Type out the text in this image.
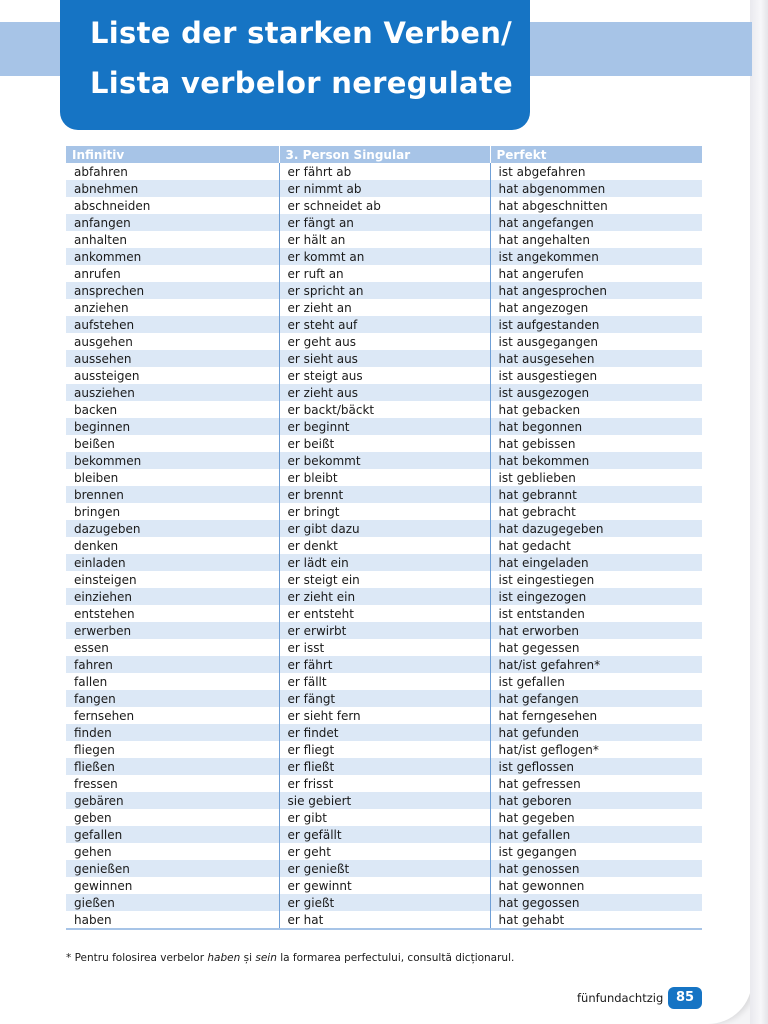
Liste der starken Verben/
Lista verbelor neregulate
Infinitiv	3. Person Singular	Perfekt
abfahren	er fährt ab	ist abgefahren
abnehmen	er nimmt ab	hat abgenommen
abschneiden	er schneidet ab	hat abgeschnitten
anfangen	er fängt an	hat angefangen
anhalten	er hält an	hat angehalten
ankommen	er kommt an	ist angekommen
anrufen	er ruft an	hat angerufen
ansprechen	er spricht an	hat angesprochen
anziehen	er zieht an	hat angezogen
aufstehen	er steht auf	ist aufgestanden
ausgehen	er geht aus	ist ausgegangen
aussehen	er sieht aus	hat ausgesehen
aussteigen	er steigt aus	ist ausgestiegen
ausziehen	er zieht aus	ist ausgezogen
backen	er backt/bäckt	hat gebacken
beginnen	er beginnt	hat begonnen
beißen	er beißt	hat gebissen
bekommen	er bekommt	hat bekommen
bleiben	er bleibt	ist geblieben
brennen	er brennt	hat gebrannt
bringen	er bringt	hat gebracht
dazugeben	er gibt dazu	hat dazugegeben
denken	er denkt	hat gedacht
einladen	er lädt ein	hat eingeladen
einsteigen	er steigt ein	ist eingestiegen
einziehen	er zieht ein	ist eingezogen
entstehen	er entsteht	ist entstanden
erwerben	er erwirbt	hat erworben
essen	er isst	hat gegessen
fahren	er fährt	hat/ist gefahren*
fallen	er fällt	ist gefallen
fangen	er fängt	hat gefangen
fernsehen	er sieht fern	hat ferngesehen
finden	er findet	hat gefunden
fliegen	er fliegt	hat/ist geflogen*
fließen	er fließt	ist geflossen
fressen	er frisst	hat gefressen
gebären	sie gebiert	hat geboren
geben	er gibt	hat gegeben
gefallen	er gefällt	hat gefallen
gehen	er geht	ist gegangen
genießen	er genießt	hat genossen
gewinnen	er gewinnt	hat gewonnen
gießen	er gießt	hat gegossen
haben	er hat	hat gehabt
* Pentru folosirea verbelor haben și sein la formarea perfectului, consultă dicționarul.
fünfundachtzig 85
